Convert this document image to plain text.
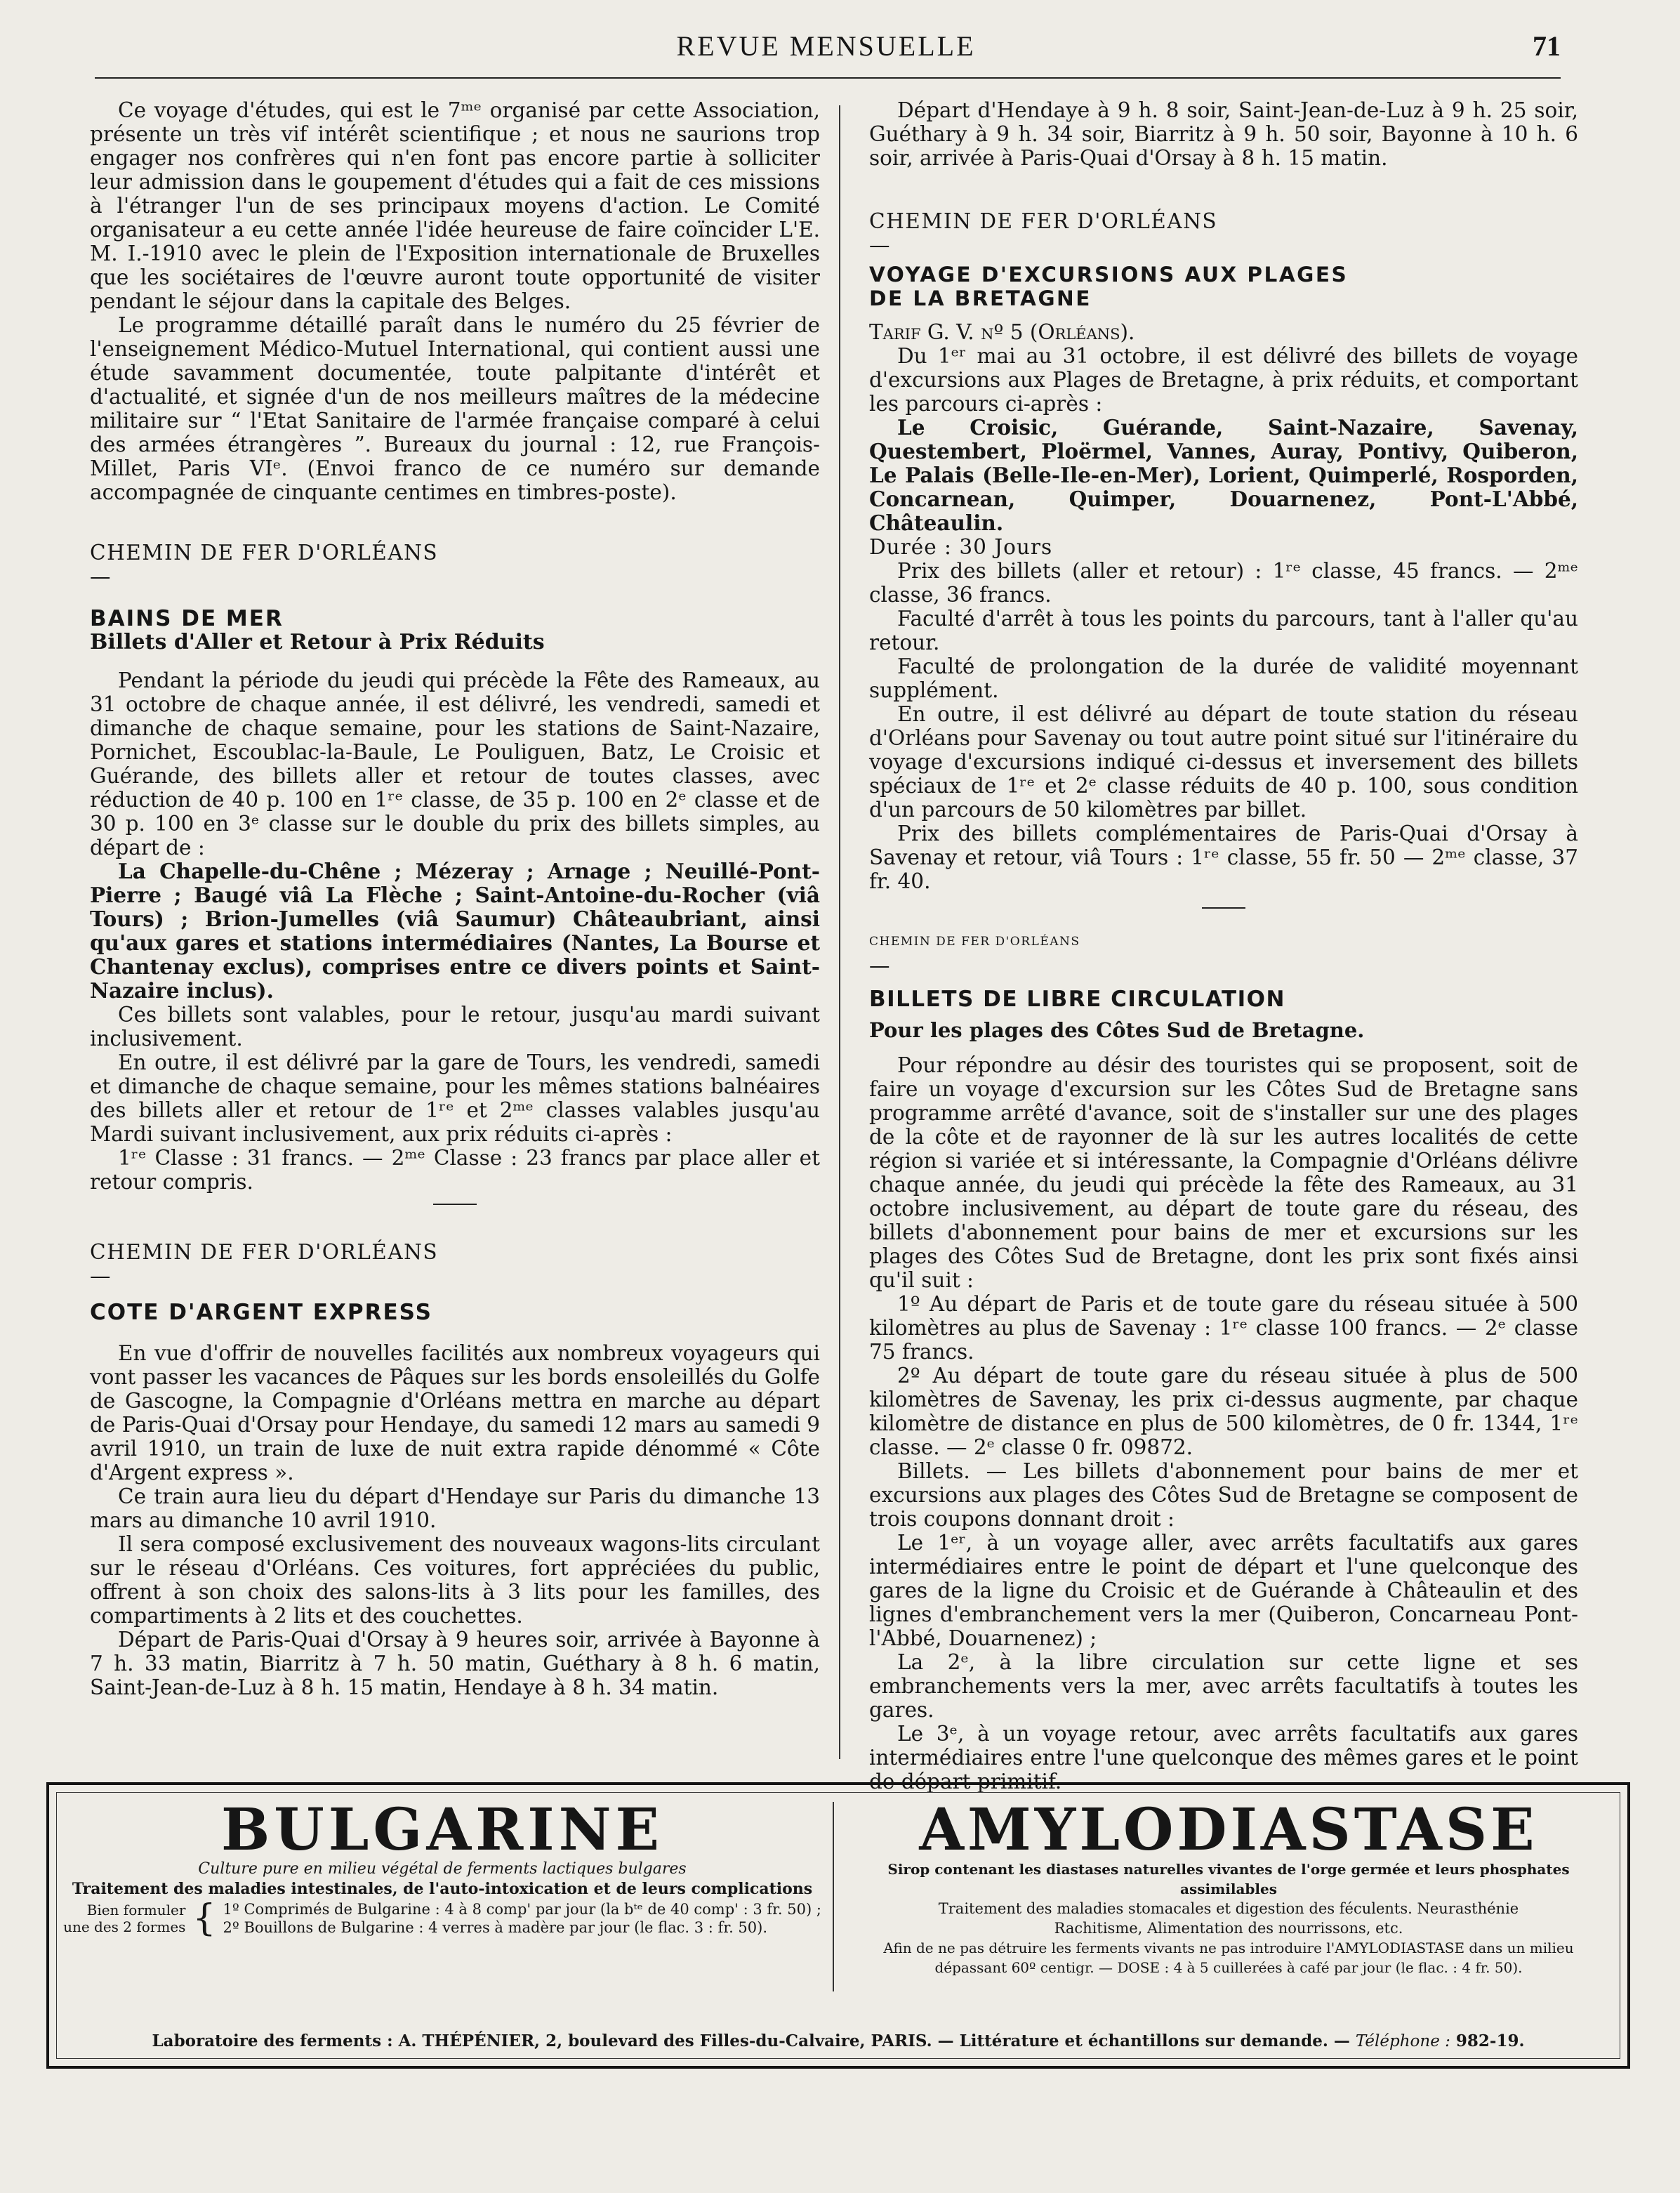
REVUE MENSUELLE	71

Ce voyage d'études, qui est le 7ᵐᵉ organisé par cette Association, présente un très vif intérêt scientifique ; et nous ne saurions trop engager nos confrères qui n'en font pas encore partie à solliciter leur admission dans le goupement d'études qui a fait de ces missions à l'étranger l'un de ses principaux moyens d'action. Le Comité organisateur a eu cette année l'idée heureuse de faire coïncider L'E. M. I.-1910 avec le plein de l'Exposition internationale de Bruxelles que les sociétaires de l'œuvre auront toute opportunité de visiter pendant le séjour dans la capitale des Belges.

Le programme détaillé paraît dans le numéro du 25 février de l'enseignement Médico-Mutuel International, qui contient aussi une étude savamment documentée, toute palpitante d'intérêt et d'actualité, et signée d'un de nos meilleurs maîtres de la médecine militaire sur “ l'Etat Sanitaire de l'armée française comparé à celui des armées étrangères ”. Bureaux du journal : 12, rue François-Millet, Paris VIᵉ. (Envoi franco de ce numéro sur demande accompagnée de cinquante centimes en timbres-poste).

CHEMIN DE FER D'ORLÉANS

—

BAINS DE MER

Billets d'Aller et Retour à Prix Réduits

Pendant la période du jeudi qui précède la Fête des Rameaux, au 31 octobre de chaque année, il est délivré, les vendredi, samedi et dimanche de chaque semaine, pour les stations de Saint-Nazaire, Pornichet, Escoublac-la-Baule, Le Pouliguen, Batz, Le Croisic et Guérande, des billets aller et retour de toutes classes, avec réduction de 40 p. 100 en 1ʳᵉ classe, de 35 p. 100 en 2ᵉ classe et de 30 p. 100 en 3ᵉ classe sur le double du prix des billets simples, au départ de :

La Chapelle-du-Chêne ; Mézeray ; Arnage ; Neuillé-Pont-Pierre ; Baugé viâ La Flèche ; Saint-Antoine-du-Rocher (viâ Tours) ; Brion-Jumelles (viâ Saumur) Châteaubriant, ainsi qu'aux gares et stations intermédiaires (Nantes, La Bourse et Chantenay exclus), comprises entre ce divers points et Saint-Nazaire inclus).

Ces billets sont valables, pour le retour, jusqu'au mardi suivant inclusivement.

En outre, il est délivré par la gare de Tours, les vendredi, samedi et dimanche de chaque semaine, pour les mêmes stations balnéaires des billets aller et retour de 1ʳᵉ et 2ᵐᵉ classes valables jusqu'au Mardi suivant inclusivement, aux prix réduits ci-après :

1ʳᵉ Classe : 31 francs. — 2ᵐᵉ Classe : 23 francs par place aller et retour compris.

CHEMIN DE FER D'ORLÉANS

—

COTE D'ARGENT EXPRESS

En vue d'offrir de nouvelles facilités aux nombreux voyageurs qui vont passer les vacances de Pâques sur les bords ensoleillés du Golfe de Gascogne, la Compagnie d'Orléans mettra en marche au départ de Paris-Quai d'Orsay pour Hendaye, du samedi 12 mars au samedi 9 avril 1910, un train de luxe de nuit extra rapide dénommé « Côte d'Argent express ».

Ce train aura lieu du départ d'Hendaye sur Paris du dimanche 13 mars au dimanche 10 avril 1910.

Il sera composé exclusivement des nouveaux wagons-lits circulant sur le réseau d'Orléans. Ces voitures, fort appréciées du public, offrent à son choix des salons-lits à 3 lits pour les familles, des compartiments à 2 lits et des couchettes.

Départ de Paris-Quai d'Orsay à 9 heures soir, arrivée à Bayonne à 7 h. 33 matin, Biarritz à 7 h. 50 matin, Guéthary à 8 h. 6 matin, Saint-Jean-de-Luz à 8 h. 15 matin, Hendaye à 8 h. 34 matin.

Départ d'Hendaye à 9 h. 8 soir, Saint-Jean-de-Luz à 9 h. 25 soir, Guéthary à 9 h. 34 soir, Biarritz à 9 h. 50 soir, Bayonne à 10 h. 6 soir, arrivée à Paris-Quai d'Orsay à 8 h. 15 matin.

CHEMIN DE FER D'ORLÉANS

—

VOYAGE D'EXCURSIONS AUX PLAGES

DE LA BRETAGNE

Tarif G. V. nº 5 (Orléans).

Du 1ᵉʳ mai au 31 octobre, il est délivré des billets de voyage d'excursions aux Plages de Bretagne, à prix réduits, et comportant les parcours ci-après :

Le Croisic, Guérande, Saint-Nazaire, Savenay, Questembert, Ploërmel, Vannes, Auray, Pontivy, Quiberon, Le Palais (Belle-Ile-en-Mer), Lorient, Quimperlé, Rosporden, Concarnean, Quimper, Douarnenez, Pont-L'Abbé, Châteaulin.

Durée : 30 Jours

Prix des billets (aller et retour) : 1ʳᵉ classe, 45 francs. — 2ᵐᵉ classe, 36 francs.

Faculté d'arrêt à tous les points du parcours, tant à l'aller qu'au retour.

Faculté de prolongation de la durée de validité moyennant supplément.

En outre, il est délivré au départ de toute station du réseau d'Orléans pour Savenay ou tout autre point situé sur l'itinéraire du voyage d'excursions indiqué ci-dessus et inversement des billets spéciaux de 1ʳᵉ et 2ᵉ classe réduits de 40 p. 100, sous condition d'un parcours de 50 kilomètres par billet.

Prix des billets complémentaires de Paris-Quai d'Orsay à Savenay et retour, viâ Tours : 1ʳᵉ classe, 55 fr. 50 — 2ᵐᵉ classe, 37 fr. 40.

CHEMIN DE FER D'ORLÉANS

—

BILLETS DE LIBRE CIRCULATION

Pour les plages des Côtes Sud de Bretagne.

Pour répondre au désir des touristes qui se proposent, soit de faire un voyage d'excursion sur les Côtes Sud de Bretagne sans programme arrêté d'avance, soit de s'installer sur une des plages de la côte et de rayonner de là sur les autres localités de cette région si variée et si intéressante, la Compagnie d'Orléans délivre chaque année, du jeudi qui précède la fête des Rameaux, au 31 octobre inclusivement, au départ de toute gare du réseau, des billets d'abonnement pour bains de mer et excursions sur les plages des Côtes Sud de Bretagne, dont les prix sont fixés ainsi qu'il suit :

1º Au départ de Paris et de toute gare du réseau située à 500 kilomètres au plus de Savenay : 1ʳᵉ classe 100 francs. — 2ᵉ classe 75 francs.

2º Au départ de toute gare du réseau située à plus de 500 kilomètres de Savenay, les prix ci-dessus augmente, par chaque kilomètre de distance en plus de 500 kilomètres, de 0 fr. 1344, 1ʳᵉ classe. — 2ᵉ classe 0 fr. 09872.

Billets. — Les billets d'abonnement pour bains de mer et excursions aux plages des Côtes Sud de Bretagne se composent de trois coupons donnant droit :

Le 1ᵉʳ, à un voyage aller, avec arrêts facultatifs aux gares intermédiaires entre le point de départ et l'une quelconque des gares de la ligne du Croisic et de Guérande à Châteaulin et des lignes d'embranchement vers la mer (Quiberon, Concarneau Pont-l'Abbé, Douarnenez) ;

La 2ᵉ, à la libre circulation sur cette ligne et ses embranchements vers la mer, avec arrêts facultatifs à toutes les gares.

Le 3ᵉ, à un voyage retour, avec arrêts facultatifs aux gares intermédiaires entre l'une quelconque des mêmes gares et le point de départ primitif.

BULGARINE

Culture pure en milieu végétal de ferments lactiques bulgares

Traitement des maladies intestinales, de l'auto-intoxication et de leurs complications

Bien formuler
une des 2 formes { 1º Comprimés de Bulgarine : 4 à 8 comp' par jour (la bᵗᵉ de 40 comp' : 3 fr. 50) ;
2º Bouillons de Bulgarine : 4 verres à madère par jour (le flac. 3 : fr. 50).

AMYLODIASTASE

Sirop contenant les diastases naturelles vivantes de l'orge germée et leurs phosphates assimilables

Traitement des maladies stomacales et digestion des féculents. Neurasthénie

Rachitisme, Alimentation des nourrissons, etc.

Afin de ne pas détruire les ferments vivants ne pas introduire l'AMYLODIASTASE dans un milieu

dépassant 60º centigr. — DOSE : 4 à 5 cuillerées à café par jour (le flac. : 4 fr. 50).

Laboratoire des ferments : A. THÉPÉNIER, 2, boulevard des Filles-du-Calvaire, PARIS. — Littérature et échantillons sur demande. — Téléphone : 982-19.
